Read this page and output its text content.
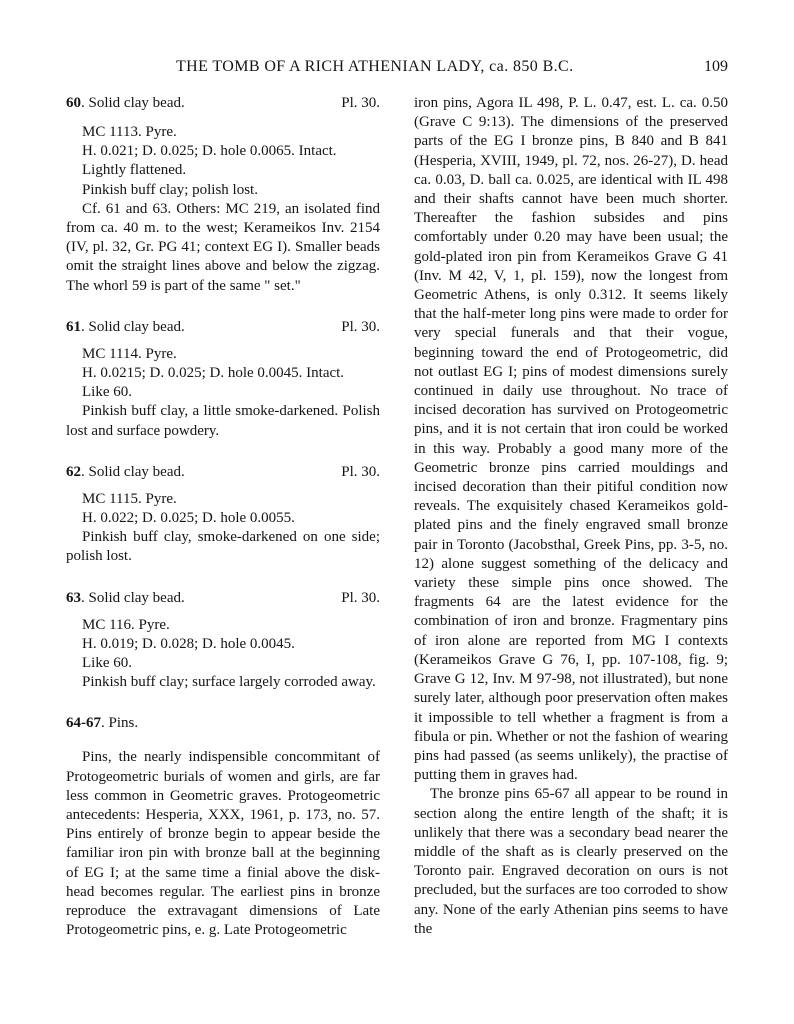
THE TOMB OF A RICH ATHENIAN LADY, ca. 850 B.C.	109
60. Solid clay bead.	Pl. 30.
MC 1113. Pyre.
H. 0.021; D. 0.025; D. hole 0.0065. Intact.
Lightly flattened.
Pinkish buff clay; polish lost.

Cf. 61 and 63. Others: MC 219, an isolated find from ca. 40 m. to the west; Kerameikos Inv. 2154 (IV, pl. 32, Gr. PG 41; context EG I). Smaller beads omit the straight lines above and below the zigzag. The whorl 59 is part of the same " set."

61. Solid clay bead.	Pl. 30.
MC 1114. Pyre.
H. 0.0215; D. 0.025; D. hole 0.0045. Intact.
Like 60.

Pinkish buff clay, a little smoke-darkened. Polish lost and surface powdery.

62. Solid clay bead.	Pl. 30.
MC 1115. Pyre.
H. 0.022; D. 0.025; D. hole 0.0055.

Pinkish buff clay, smoke-darkened on one side; polish lost.

63. Solid clay bead.	Pl. 30.
MC 116. Pyre.
H. 0.019; D. 0.028; D. hole 0.0045.
Like 60.

Pinkish buff clay; surface largely corroded away.

64-67. Pins.

Pins, the nearly indispensible concommitant of Protogeometric burials of women and girls, are far less common in Geometric graves. Protogeometric antecedents: Hesperia, XXX, 1961, p. 173, no. 57. Pins entirely of bronze begin to appear beside the familiar iron pin with bronze ball at the beginning of EG I; at the same time a finial above the disk-head becomes regular. The earliest pins in bronze reproduce the extravagant dimensions of Late Protogeometric pins, e. g. Late Protogeometric

iron pins, Agora IL 498, P. L. 0.47, est. L. ca. 0.50 (Grave C 9:13). The dimensions of the preserved parts of the EG I bronze pins, B 840 and B 841 (Hesperia, XVIII, 1949, pl. 72, nos. 26-27), D. head ca. 0.03, D. ball ca. 0.025, are identical with IL 498 and their shafts cannot have been much shorter. Thereafter the fashion subsides and pins comfortably under 0.20 may have been usual; the gold-plated iron pin from Kerameikos Grave G 41 (Inv. M 42, V, 1, pl. 159), now the longest from Geometric Athens, is only 0.312. It seems likely that the half-meter long pins were made to order for very special funerals and that their vogue, beginning toward the end of Protogeometric, did not outlast EG I; pins of modest dimensions surely continued in daily use throughout. No trace of incised decoration has survived on Protogeometric pins, and it is not certain that iron could be worked in this way. Probably a good many more of the Geometric bronze pins carried mouldings and incised decoration than their pitiful condition now reveals. The exquisitely chased Kerameikos gold-plated pins and the finely engraved small bronze pair in Toronto (Jacobsthal, Greek Pins, pp. 3-5, no. 12) alone suggest something of the delicacy and variety these simple pins once showed. The fragments 64 are the latest evidence for the combination of iron and bronze. Fragmentary pins of iron alone are reported from MG I contexts (Kerameikos Grave G 76, I, pp. 107-108, fig. 9; Grave G 12, Inv. M 97-98, not illustrated), but none surely later, although poor preservation often makes it impossible to tell whether a fragment is from a fibula or pin. Whether or not the fashion of wearing pins had passed (as seems unlikely), the practise of putting them in graves had.

The bronze pins 65-67 all appear to be round in section along the entire length of the shaft; it is unlikely that there was a secondary bead nearer the middle of the shaft as is clearly preserved on the Toronto pair. Engraved decoration on ours is not precluded, but the surfaces are too corroded to show any. None of the early Athenian pins seems to have the
